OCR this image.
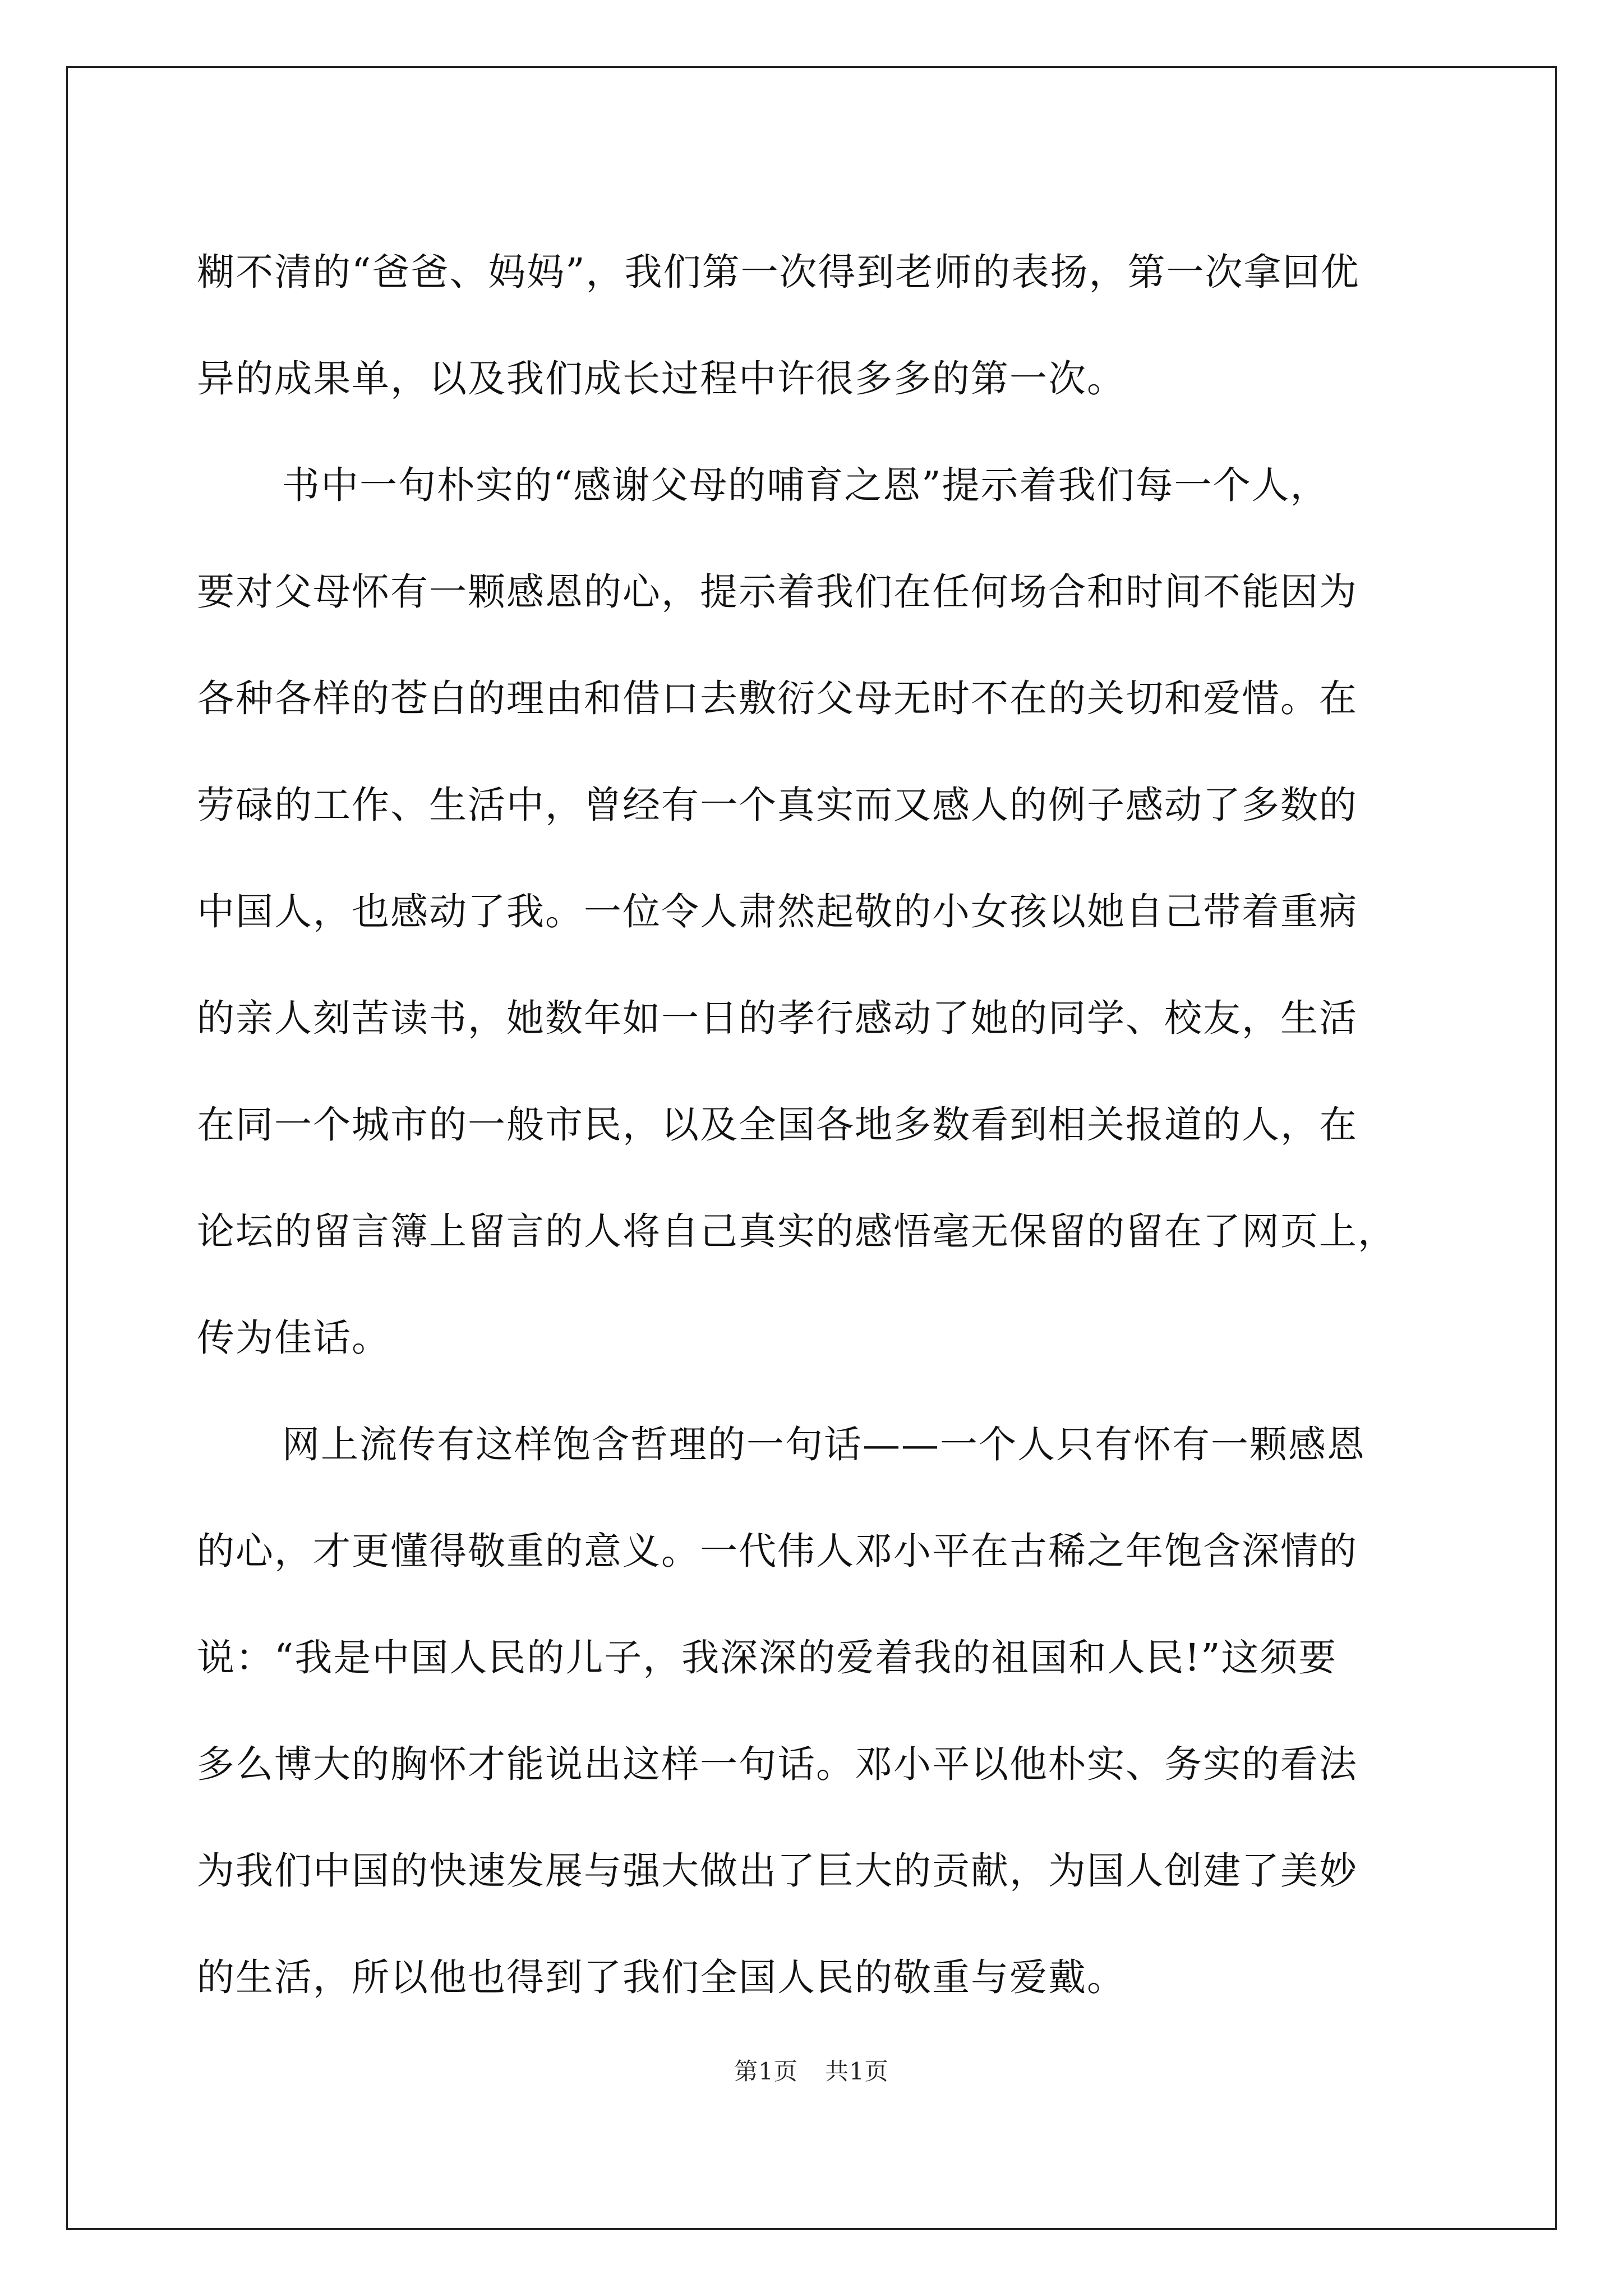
糊不清的“爸爸、妈妈”，我们第一次得到老师的表扬，第一次拿回优
异的成果单，以及我们成长过程中许很多多的第一次。
书中一句朴实的“感谢父母的哺育之恩”提示着我们每一个人，
要对父母怀有一颗感恩的心，提示着我们在任何场合和时间不能因为
各种各样的苍白的理由和借口去敷衍父母无时不在的关切和爱惜。在
劳碌的工作、生活中，曾经有一个真实而又感人的例子感动了多数的
中国人，也感动了我。一位令人肃然起敬的小女孩以她自己带着重病
的亲人刻苦读书，她数年如一日的孝行感动了她的同学、校友，生活
在同一个城市的一般市民，以及全国各地多数看到相关报道的人，在
论坛的留言簿上留言的人将自己真实的感悟毫无保留的留在了网页上，
传为佳话。
网上流传有这样饱含哲理的一句话——一个人只有怀有一颗感恩
的心，才更懂得敬重的意义。一代伟人邓小平在古稀之年饱含深情的
说：“我是中国人民的儿子，我深深的爱着我的祖国和人民!”这须要
多么博大的胸怀才能说出这样一句话。邓小平以他朴实、务实的看法
为我们中国的快速发展与强大做出了巨大的贡献，为国人创建了美妙
的生活，所以他也得到了我们全国人民的敬重与爱戴。
第1页 共1页
